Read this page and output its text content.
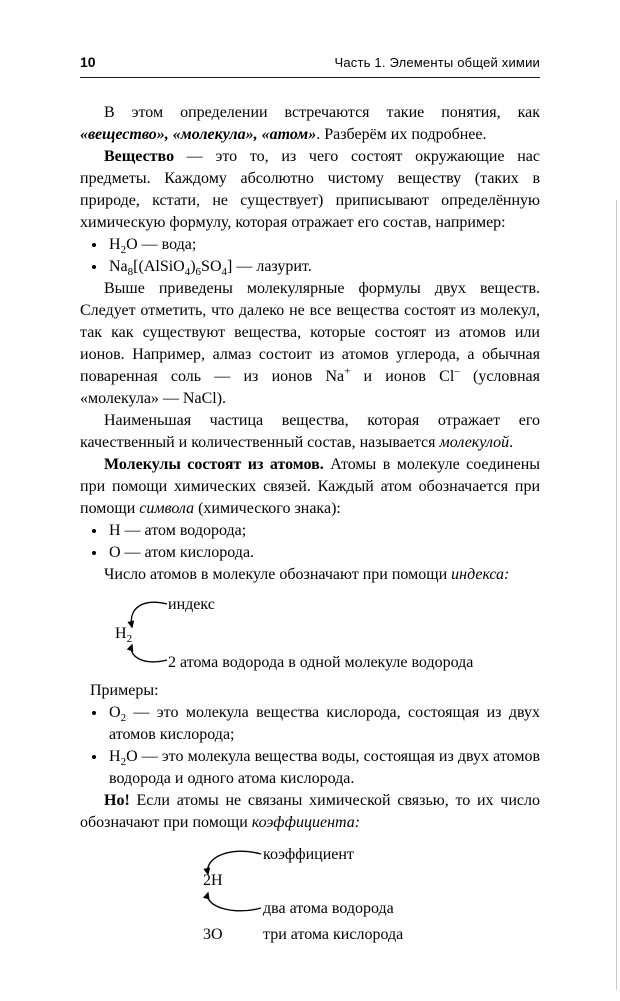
10	Часть 1. Элементы общей химии

В этом определении встречаются такие понятия, как «вещество», «молекула», «атом». Разберём их подробнее.

Вещество — это то, из чего состоят окружающие нас предметы. Каждому абсолютно чистому веществу (таких в природе, кстати, не существует) приписывают определённую химическую формулу, которая отражает его состав, например:

• $H_2O$ — вода;
• $Na_8[(AlSiO_4)_6SO_4]$ — лазурит.

Выше приведены молекулярные формулы двух веществ. Следует отметить, что далеко не все вещества состоят из молекул, так как существуют вещества, которые состоят из атомов или ионов. Например, алмаз состоит из атомов углерода, а обычная поваренная соль — из ионов Na+ и ионов Cl– (условная «молекула» — NaCl).

Наименьшая частица вещества, которая отражает его качественный и количественный состав, называется молекулой.

Молекулы состоят из атомов. Атомы в молекуле соединены при помощи химических связей. Каждый атом обозначается при помощи символа (химического знака):

• Н — атом водорода;
• О — атом кислорода.

Число атомов в молекуле обозначают при помощи индекса:

индекс
$H_2$
2 атома водорода в одной молекуле водорода

Примеры:

• $О_2$ — это молекула вещества кислорода, состоящая из двух атомов кислорода;
• $Н_2О$ — это молекула вещества воды, состоящая из двух атомов водорода и одного атома кислорода.

Но! Если атомы не связаны химической связью, то их число обозначают при помощи коэффициента:

коэффициент
2Н
два атома водорода
3О	три атома кислорода
